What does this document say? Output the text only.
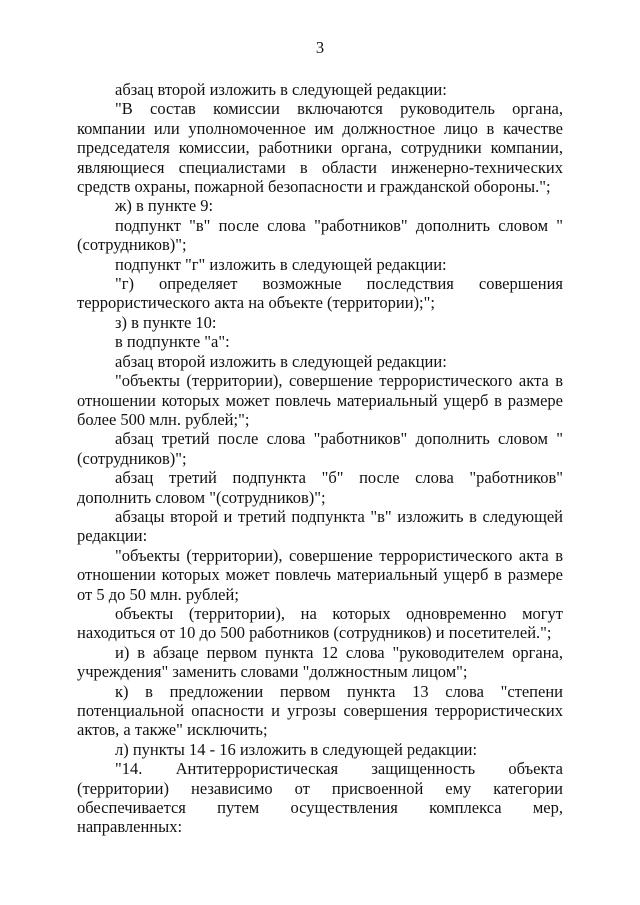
3

абзац второй изложить в следующей редакции:

"В состав комиссии включаются руководитель органа, компании или уполномоченное им должностное лицо в качестве председателя комиссии, работники органа, сотрудники компании, являющиеся специалистами в области инженерно-технических средств охраны, пожарной безопасности и гражданской обороны.";

ж) в пункте 9:

подпункт "в" после слова "работников" дополнить словом "(сотрудников)";

подпункт "г" изложить в следующей редакции:

"г) определяет возможные последствия совершения террористического акта на объекте (территории);";

з) в пункте 10:

в подпункте "а":

абзац второй изложить в следующей редакции:

"объекты (территории), совершение террористического акта в отношении которых может повлечь материальный ущерб в размере более 500 млн. рублей;";

абзац третий после слова "работников" дополнить словом "(сотрудников)";

абзац третий подпункта "б" после слова "работников" дополнить словом "(сотрудников)";

абзацы второй и третий подпункта "в" изложить в следующей редакции:

"объекты (территории), совершение террористического акта в отношении которых может повлечь материальный ущерб в размере от 5 до 50 млн. рублей;

объекты (территории), на которых одновременно могут находиться от 10 до 500 работников (сотрудников) и посетителей.";

и) в абзаце первом пункта 12 слова "руководителем органа, учреждения" заменить словами "должностным лицом";

к) в предложении первом пункта 13 слова "степени потенциальной опасности и угрозы совершения террористических актов, а также" исключить;

л) пункты 14 - 16 изложить в следующей редакции:

"14. Антитеррористическая защищенность объекта (территории) независимо от присвоенной ему категории обеспечивается путем осуществления комплекса мер, направленных:
